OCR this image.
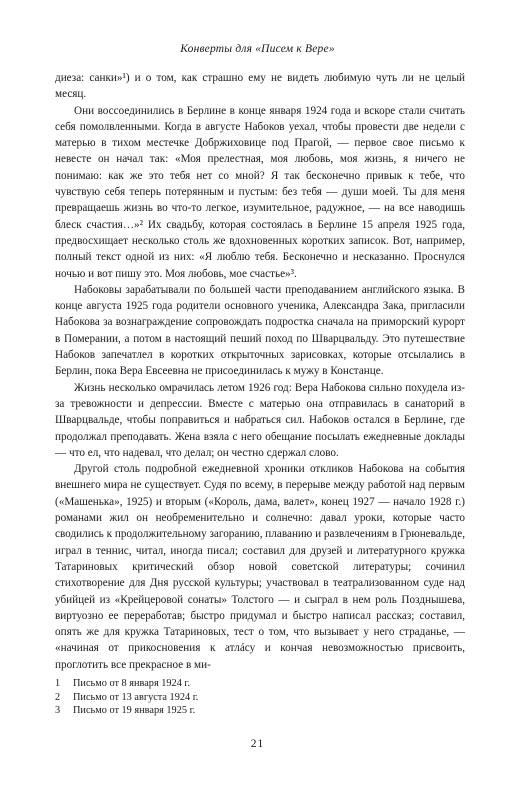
Конверты для «Писем к Вере»

диеза: санки»¹) и о том, как страшно ему не видеть любимую чуть ли не целый месяц.

Они воссоединились в Берлине в конце января 1924 года и вскоре стали считать себя помолвленными. Когда в августе Набоков уехал, чтобы провести две недели с матерью в тихом местечке Добржиховице под Прагой, — первое свое письмо к невесте он начал так: «Моя прелестная, моя любовь, моя жизнь, я ничего не понимаю: как же это тебя нет со мной? Я так бесконечно привык к тебе, что чувствую себя теперь потерянным и пустым: без тебя — души моей. Ты для меня превращаешь жизнь во что-то легкое, изумительное, радужное, — на все наводишь блеск счастия…»² Их свадьбу, которая состоялась в Берлине 15 апреля 1925 года, предвосхищает несколько столь же вдохновенных коротких записок. Вот, например, полный текст одной из них: «Я люблю тебя. Бесконечно и несказанно. Проснулся ночью и вот пишу это. Моя любовь, мое счастье»³.

Набоковы зарабатывали по большей части преподаванием английского языка. В конце августа 1925 года родители основного ученика, Александра Зака, пригласили Набокова за вознаграждение сопровождать подростка сначала на приморский курорт в Померании, а потом в настоящий пеший поход по Шварцвальду. Это путешествие Набоков запечатлел в коротких открыточных зарисовках, которые отсылались в Берлин, пока Вера Евсеевна не присоединилась к мужу в Констанце.

Жизнь несколько омрачилась летом 1926 год: Вера Набокова сильно похудела из-за тревожности и депрессии. Вместе с матерью она отправилась в санаторий в Шварцвальде, чтобы поправиться и набраться сил. Набоков остался в Берлине, где продолжал преподавать. Жена взяла с него обещание посылать ежедневные доклады — что ел, что надевал, что делал; он честно сдержал слово.

Другой столь подробной ежедневной хроники откликов Набокова на события внешнего мира не существует. Судя по всему, в перерыве между работой над первым («Машенька», 1925) и вторым («Король, дама, валет», конец 1927 — начало 1928 г.) романами жил он необременительно и солнечно: давал уроки, которые часто сводились к продолжительному загоранию, плаванию и развлечениям в Грюневальде, играл в теннис, читал, иногда писал; составил для друзей и литературного кружка Татариновых критический обзор новой советской литературы; сочинил стихотворение для Дня русской культуры; участвовал в театрализованном суде над убийцей из «Крейцеровой сонаты» Толстого — и сыграл в нем роль Позднышева, виртуозно ее переработав; быстро придумал и быстро написал рассказ; составил, опять же для кружка Татариновых, тест о том, что вызывает у него страданье, — «начиная от прикосновения к атлáсу и кончая невозможностью присвоить, проглотить все прекрасное в ми-

1	Письмо от 8 января 1924 г.
2	Письмо от 13 августа 1924 г.
3	Письмо от 19 января 1925 г.
21
